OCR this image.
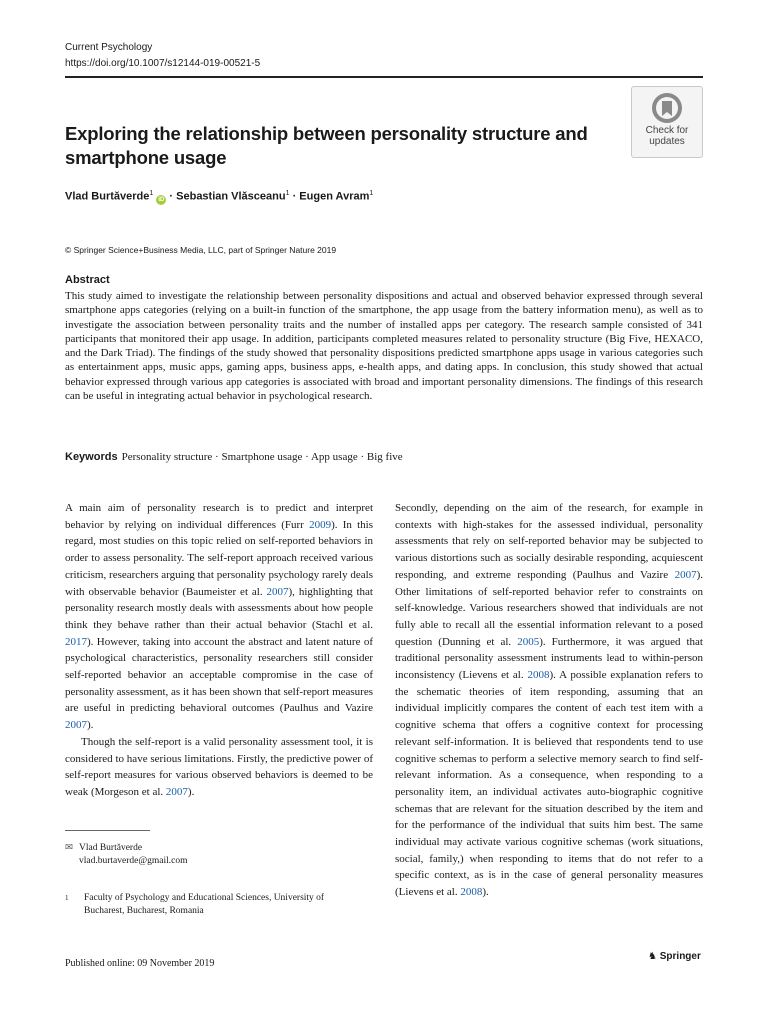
Current Psychology
https://doi.org/10.1007/s12144-019-00521-5
Check for
updates
Exploring the relationship between personality structure and smartphone usage
Vlad Burtăverde$^1$ iD · Sebastian Vlăsceanu$^1$ · Eugen Avram$^1$
© Springer Science+Business Media, LLC, part of Springer Nature 2019
Abstract

This study aimed to investigate the relationship between personality dispositions and actual and observed behavior expressed through several smartphone apps categories (relying on a built-in function of the smartphone, the app usage from the battery information menu), as well as to investigate the association between personality traits and the number of installed apps per category. The research sample consisted of 341 participants that monitored their app usage. In addition, participants completed measures related to personality structure (Big Five, HEXACO, and the Dark Triad). The findings of the study showed that personality dispositions predicted smartphone apps usage in various categories such as entertainment apps, music apps, gaming apps, business apps, e-health apps, and dating apps. In conclusion, this study showed that actual behavior expressed through various app categories is associated with broad and important personality dimensions. The findings of this research can be useful in integrating actual behavior in psychological research.

Keywords Personality structure · Smartphone usage · App usage · Big five

A main aim of personality research is to predict and interpret behavior by relying on individual differences (Furr 2009). In this regard, most studies on this topic relied on self-reported behaviors in order to assess personality. The self-report approach received various criticism, researchers arguing that personality psychology rarely deals with observable behavior (Baumeister et al. 2007), highlighting that personality research mostly deals with assessments about how people think they behave rather than their actual behavior (Stachl et al. 2017). However, taking into account the abstract and latent nature of psychological characteristics, personality researchers still consider self-reported behavior an acceptable compromise in the case of personality assessment, as it has been shown that self-report measures are useful in predicting behavioral outcomes (Paulhus and Vazire 2007).

Though the self-report is a valid personality assessment tool, it is considered to have serious limitations. Firstly, the predictive power of self-report measures for various observed behaviors is deemed to be weak (Morgeson et al. 2007).

Secondly, depending on the aim of the research, for example in contexts with high-stakes for the assessed individual, personality assessments that rely on self-reported behavior may be subjected to various distortions such as socially desirable responding, acquiescent responding, and extreme responding (Paulhus and Vazire 2007). Other limitations of self-reported behavior refer to constraints on self-knowledge. Various researchers showed that individuals are not fully able to recall all the essential information relevant to a posed question (Dunning et al. 2005). Furthermore, it was argued that traditional personality assessment instruments lead to within-person inconsistency (Lievens et al. 2008). A possible explanation refers to the schematic theories of item responding, assuming that an individual implicitly compares the content of each test item with a cognitive schema that offers a cognitive context for processing relevant self-information. It is believed that respondents tend to use cognitive schemas to perform a selective memory search to find self-relevant information. As a consequence, when responding to a personality item, an individual activates auto-biographic cognitive schemas that are relevant for the situation described by the item and for the performance of the individual that suits him best. The same individual may activate various cognitive schemas (work situations, social, family,) when responding to items that do not refer to a specific context, as is in the case of general personality measures (Lievens et al. 2008).

✉ Vlad Burtăverde
vlad.burtaverde@gmail.com
1 Faculty of Psychology and Educational Sciences, University of Bucharest, Bucharest, Romania
Published online: 09 November 2019
♞ Springer
